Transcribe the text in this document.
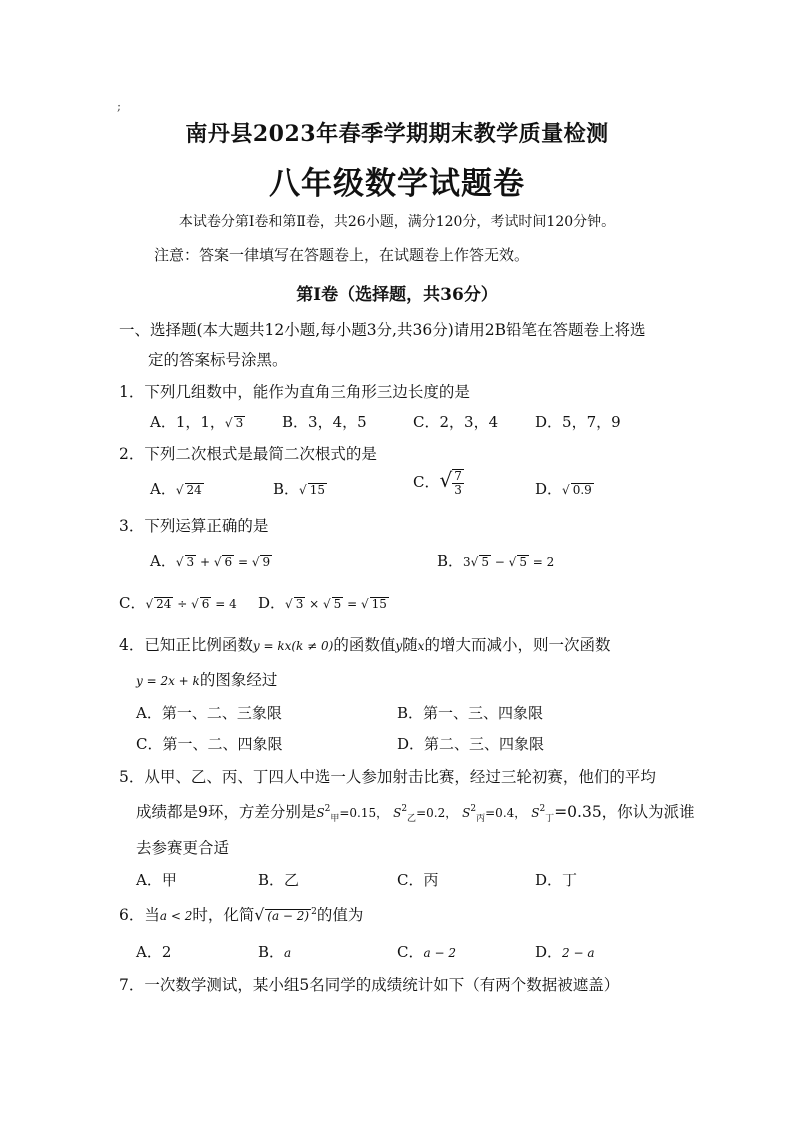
;
南丹县2023年春季学期期末教学质量检测
八年级数学试题卷
本试卷分第Ⅰ卷和第Ⅱ卷，共26小题，满分120分，考试时间120分钟。
注意：答案一律填写在答题卷上，在试题卷上作答无效。
第Ⅰ卷（选择题，共36分）
一、选择题(本大题共12小题,每小题3分,共36分)请用2B铅笔在答题卷上将选
定的答案标号涂黑。
1．下列几组数中，能作为直角三角形三边长度的是
A．1，1，√ 3	B．3，4，5	C．2，3，4 D．5，7，9
2．下列二次根式是最简二次根式的是
A．√ 24	B．√ 15	C．√ $\frac{7}{3}$	D．√ 0.9
3．下列运算正确的是
A．√ 3 + √ 6 = √ 9	B．3√ 5 − √ 5 = 2
C．√ 24 ÷ √ 6 = 4 D．√ 3 × √ 5 = √ 15
4．已知正比例函数y = kx(k ≠ 0)的函数值y随x的增大而减小，则一次函数
y = 2x + k的图象经过
A．第一、二、三象限	B．第一、三、四象限
C．第一、二、四象限	D．第二、三、四象限
5．从甲、乙、丙、丁四人中选一人参加射击比赛，经过三轮初赛，他们的平均
成绩都是9环，方差分别是$S^2_甲=0.15$， $S^2_乙=0.2$， $S^2_丙=0.4$， $S^2_丁=0.35$，你认为派谁
去参赛更合适
A．甲	B．乙	C．丙	D．丁
6．当a < 2时，化简√ (a − 2) $^2$的值为
A．2	B．a	C．a − 2	D．2 − a
7．一次数学测试，某小组5名同学的成绩统计如下（有两个数据被遮盖）
